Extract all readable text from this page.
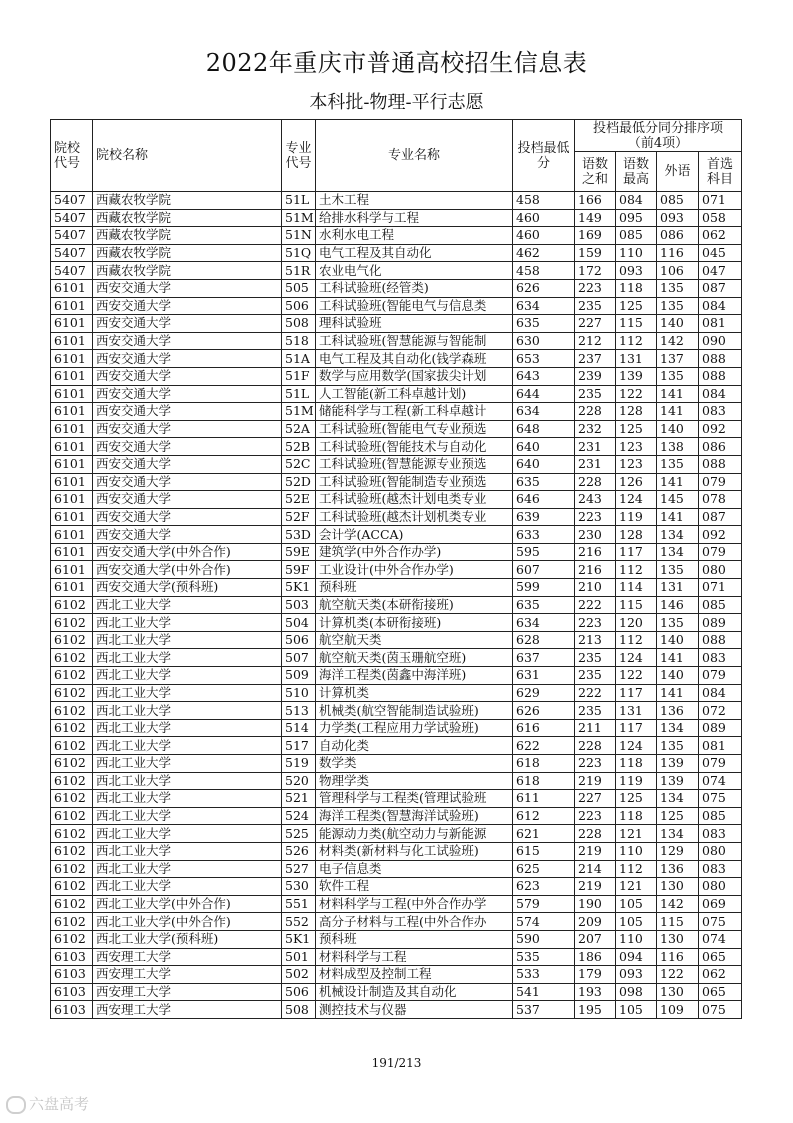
2022年重庆市普通高校招生信息表
本科批-物理-平行志愿
院校代号	院校名称	专业代号	专业名称	投档最低分	投档最低分同分排序项
（前4项）			
					语数之和	语数最高	外语	首选科目
5407	西藏农牧学院	51L	土木工程	458	166	084	085	071
5407	西藏农牧学院	51M	给排水科学与工程	460	149	095	093	058
5407	西藏农牧学院	51N	水利水电工程	460	169	085	086	062
5407	西藏农牧学院	51Q	电气工程及其自动化	462	159	110	116	045
5407	西藏农牧学院	51R	农业电气化	458	172	093	106	047
6101	西安交通大学	505	工科试验班(经管类)	626	223	118	135	087
6101	西安交通大学	506	工科试验班(智能电气与信息类	634	235	125	135	084
6101	西安交通大学	508	理科试验班	635	227	115	140	081
6101	西安交通大学	518	工科试验班(智慧能源与智能制	630	212	112	142	090
6101	西安交通大学	51A	电气工程及其自动化(钱学森班	653	237	131	137	088
6101	西安交通大学	51F	数学与应用数学(国家拔尖计划	643	239	139	135	088
6101	西安交通大学	51L	人工智能(新工科卓越计划)	644	235	122	141	084
6101	西安交通大学	51M	储能科学与工程(新工科卓越计	634	228	128	141	083
6101	西安交通大学	52A	工科试验班(智能电气专业预选	648	232	125	140	092
6101	西安交通大学	52B	工科试验班(智能技术与自动化	640	231	123	138	086
6101	西安交通大学	52C	工科试验班(智慧能源专业预选	640	231	123	135	088
6101	西安交通大学	52D	工科试验班(智能制造专业预选	635	228	126	141	079
6101	西安交通大学	52E	工科试验班(越杰计划电类专业	646	243	124	145	078
6101	西安交通大学	52F	工科试验班(越杰计划机类专业	639	223	119	141	087
6101	西安交通大学	53D	会计学(ACCA)	633	230	128	134	092
6101	西安交通大学(中外合作)	59E	建筑学(中外合作办学)	595	216	117	134	079
6101	西安交通大学(中外合作)	59F	工业设计(中外合作办学)	607	216	112	135	080
6101	西安交通大学(预科班)	5K1	预科班	599	210	114	131	071
6102	西北工业大学	503	航空航天类(本研衔接班)	635	222	115	146	085
6102	西北工业大学	504	计算机类(本研衔接班)	634	223	120	135	089
6102	西北工业大学	506	航空航天类	628	213	112	140	088
6102	西北工业大学	507	航空航天类(茵玉珊航空班)	637	235	124	141	083
6102	西北工业大学	509	海洋工程类(茵鑫中海洋班)	631	235	122	140	079
6102	西北工业大学	510	计算机类	629	222	117	141	084
6102	西北工业大学	513	机械类(航空智能制造试验班)	626	235	131	136	072
6102	西北工业大学	514	力学类(工程应用力学试验班)	616	211	117	134	089
6102	西北工业大学	517	自动化类	622	228	124	135	081
6102	西北工业大学	519	数学类	618	223	118	139	079
6102	西北工业大学	520	物理学类	618	219	119	139	074
6102	西北工业大学	521	管理科学与工程类(管理试验班	611	227	125	134	075
6102	西北工业大学	524	海洋工程类(智慧海洋试验班)	612	223	118	125	085
6102	西北工业大学	525	能源动力类(航空动力与新能源	621	228	121	134	083
6102	西北工业大学	526	材料类(新材料与化工试验班)	615	219	110	129	080
6102	西北工业大学	527	电子信息类	625	214	112	136	083
6102	西北工业大学	530	软件工程	623	219	121	130	080
6102	西北工业大学(中外合作)	551	材料科学与工程(中外合作办学	579	190	105	142	069
6102	西北工业大学(中外合作)	552	高分子材料与工程(中外合作办	574	209	105	115	075
6102	西北工业大学(预科班)	5K1	预科班	590	207	110	130	074
6103	西安理工大学	501	材料科学与工程	535	186	094	116	065
6103	西安理工大学	502	材料成型及控制工程	533	179	093	122	062
6103	西安理工大学	506	机械设计制造及其自动化	541	193	098	130	065
6103	西安理工大学	508	测控技术与仪器	537	195	105	109	075
191/213
六盘高考
